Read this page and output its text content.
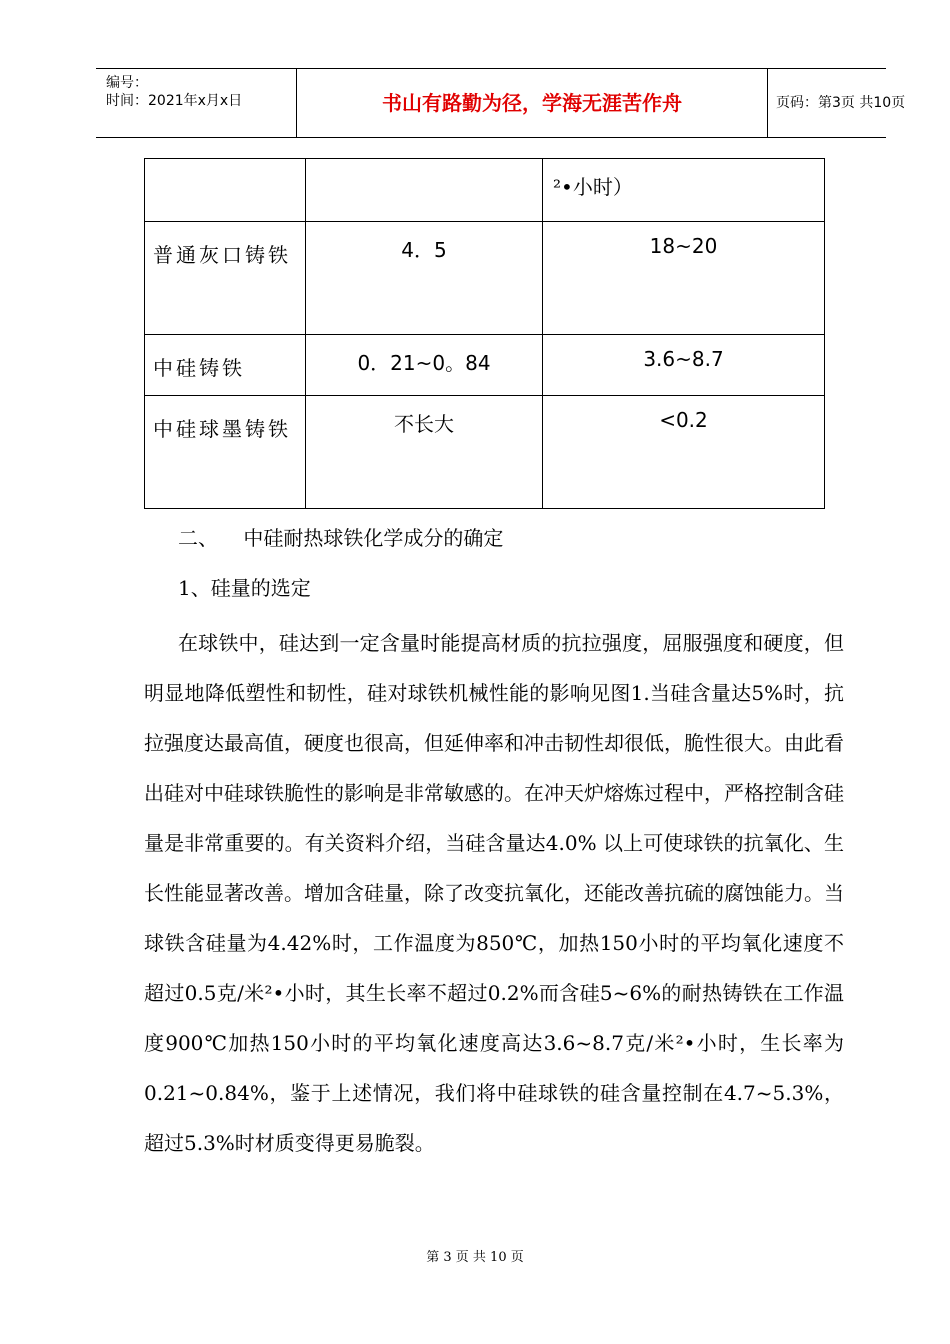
编号：
时间：2021年x月x日	书山有路勤为径，学海无涯苦作舟	页码：第3页 共10页
		²•小时）
普通灰口铸铁	4．5	18~20
中硅铸铁	0．21~0。84	3.6~8.7
中硅球墨铸铁	不长大	<0.2
二、    中硅耐热球铁化学成分的确定
1、硅量的选定

在球铁中，硅达到一定含量时能提高材质的抗拉强度，屈服强度和硬度，但明显地降低塑性和韧性，硅对球铁机械性能的影响见图1.当硅含量达5%时，抗拉强度达最高值，硬度也很高，但延伸率和冲击韧性却很低，脆性很大。由此看出硅对中硅球铁脆性的影响是非常敏感的。在冲天炉熔炼过程中，严格控制含硅量是非常重要的。有关资料介绍，当硅含量达4.0% 以上可使球铁的抗氧化、生长性能显著改善。增加含硅量，除了改变抗氧化，还能改善抗硫的腐蚀能力。当球铁含硅量为4.42%时，工作温度为850℃，加热150小时的平均氧化速度不超过0.5克/米²•小时，其生长率不超过0.2%而含硅5~6%的耐热铸铁在工作温度900℃加热150小时的平均氧化速度高达3.6~8.7克/米²•小时，生长率为0.21~0.84%，鉴于上述情况，我们将中硅球铁的硅含量控制在4.7~5.3%，超过5.3%时材质变得更易脆裂。

第 3 页 共 10 页
